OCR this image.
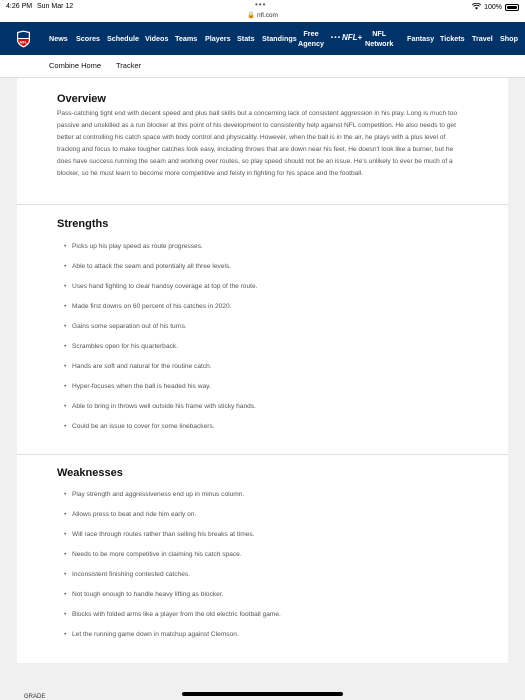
4:26 PM Sun Mar 12	•••
🔒 nfl.com
100%
NFL	News Scores Schedule Videos Teams Players Stats Standings
Free
Agency
… NFL+ NFL
Network Fantasy Tickets Travel Shop
Combine Home Tracker
Overview

Pass-catching tight end with decent speed and plus ball skills but a concerning lack of consistent aggression in his play. Long is much too passive and unskilled as a run blocker at this point of his development to consistently help against NFL competition. He also needs to get better at controlling his catch space with body control and physicality. However, when the ball is in the air, he plays with a plus level of tracking and focus to make tougher catches look easy, including throws that are down near his feet. He doesn't look like a burner, but he does have success running the seam and working over routes, so play speed should not be an issue. He's unlikely to ever be much of a blocker, so he must learn to become more competitive and feisty in fighting for his space and the football.

Strengths
• Picks up his play speed as route progresses.
• Able to attack the seam and potentially all three levels.
• Uses hand fighting to clear handsy coverage at top of the route.
• Made first downs on 60 percent of his catches in 2020.
• Gains some separation out of his turns.
• Scrambles open for his quarterback.
• Hands are soft and natural for the routine catch.
• Hyper-focuses when the ball is headed his way.
• Able to bring in throws well outside his frame with sticky hands.
• Could be an issue to cover for some linebackers.
Weaknesses
• Play strength and aggressiveness end up in minus column.
• Allows press to beat and ride him early on.
• Will race through routes rather than selling his breaks at times.
• Needs to be more competitive in claiming his catch space.
• Inconsistent finishing contested catches.
• Not tough enough to handle heavy lifting as blocker.
• Blocks with folded arms like a player from the old electric football game.
• Let the running game down in matchup against Clemson.
GRADE
